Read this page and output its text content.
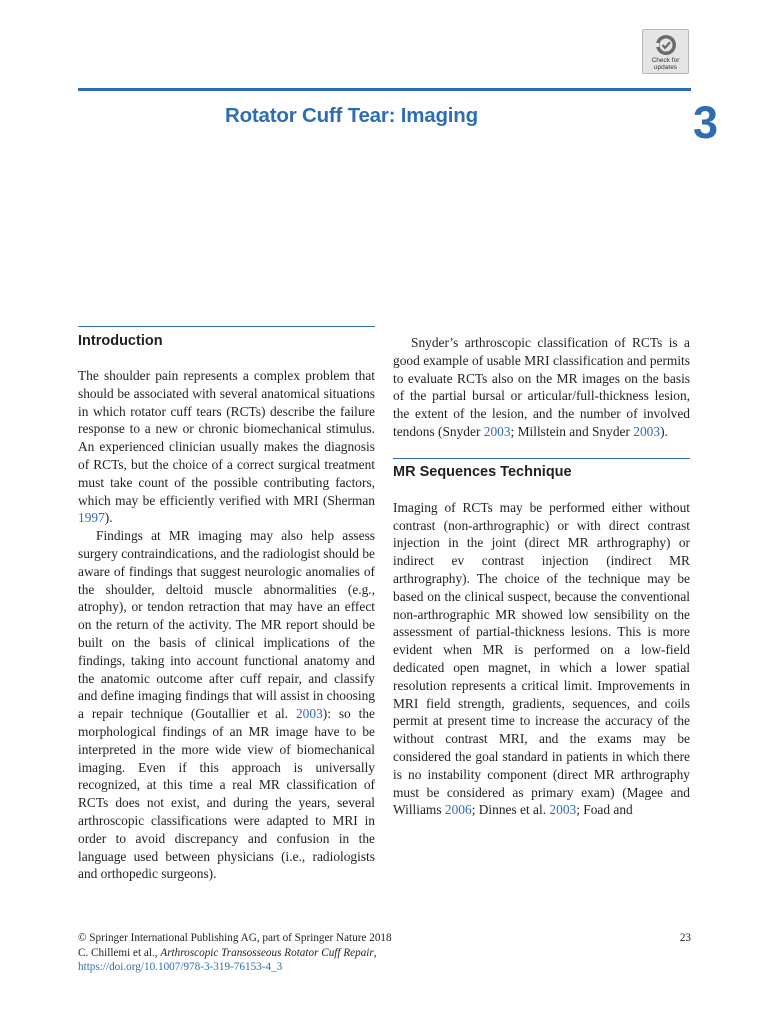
Check for
updates
Rotator Cuff Tear: Imaging	3
Introduction

The shoulder pain represents a complex problem that should be associated with several anatomical situations in which rotator cuff tears (RCTs) describe the failure response to a new or chronic biomechanical stimulus. An experienced clinician usually makes the diagnosis of RCTs, but the choice of a correct surgical treatment must take count of the possible contributing factors, which may be efficiently verified with MRI (Sherman 1997).

Findings at MR imaging may also help assess surgery contraindications, and the radiologist should be aware of findings that suggest neurologic anomalies of the shoulder, deltoid muscle abnormalities (e.g., atrophy), or tendon retraction that may have an effect on the return of the activity. The MR report should be built on the basis of clinical implications of the findings, taking into account functional anatomy and the anatomic outcome after cuff repair, and classify and define imaging findings that will assist in choosing a repair technique (Goutallier et al. 2003): so the morphological findings of an MR image have to be interpreted in the more wide view of biomechanical imaging. Even if this approach is universally recognized, at this time a real MR classification of RCTs does not exist, and during the years, several arthroscopic classifications were adapted to MRI in order to avoid discrepancy and confusion in the language used between physicians (i.e., radiologists and orthopedic surgeons).

Snyder’s arthroscopic classification of RCTs is a good example of usable MRI classification and permits to evaluate RCTs also on the MR images on the basis of the partial bursal or articular/full-thickness lesion, the extent of the lesion, and the number of involved tendons (Snyder 2003; Millstein and Snyder 2003).

MR Sequences Technique

Imaging of RCTs may be performed either without contrast (non-arthrographic) or with direct contrast injection in the joint (direct MR arthrography) or indirect ev contrast injection (indirect MR arthrography). The choice of the technique may be based on the clinical suspect, because the conventional non-arthrographic MR showed low sensibility on the assessment of partial-thickness lesions. This is more evident when MR is performed on a low-field dedicated open magnet, in which a lower spatial resolution represents a critical limit. Improvements in MRI field strength, gradients, sequences, and coils permit at present time to increase the accuracy of the without contrast MRI, and the exams may be considered the goal standard in patients in which there is no instability component (direct MR arthrography must be considered as primary exam) (Magee and Williams 2006; Dinnes et al. 2003; Foad and

© Springer International Publishing AG, part of Springer Nature 2018
C. Chillemi et al., Arthroscopic Transosseous Rotator Cuff Repair,
https://doi.org/10.1007/978-3-319-76153-4_3
23
